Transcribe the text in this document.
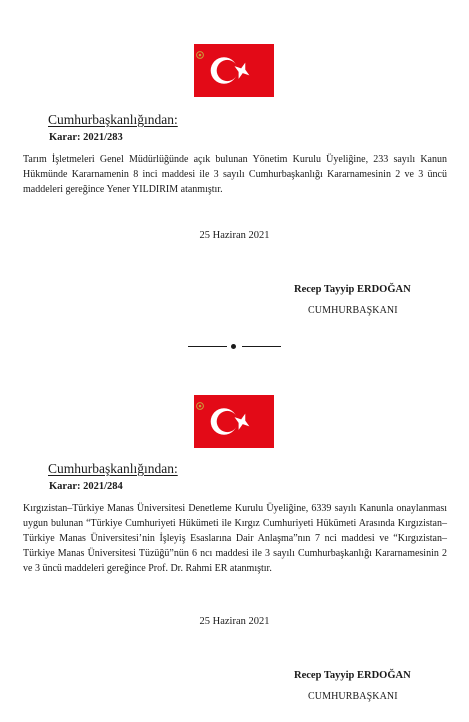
Cumhurbaşkanlığından:
Karar: 2021/283
Tarım İşletmeleri Genel Müdürlüğünde açık bulunan Yönetim Kurulu Üyeliğine, 233 sayılı Kanun Hükmünde Kararnamenin 8 inci maddesi ile 3 sayılı Cumhurbaşkanlığı Kararnamesinin 2 ve 3 üncü maddeleri gereğince Yener YILDIRIM atanmıştır.
25 Haziran 2021
Recep Tayyip ERDOĞAN
CUMHURBAŞKANI
Cumhurbaşkanlığından:
Karar: 2021/284
Kırgızistan–Türkiye Manas Üniversitesi Denetleme Kurulu Üyeliğine, 6339 sayılı Kanunla onaylanması uygun bulunan “Türkiye Cumhuriyeti Hükümeti ile Kırgız Cumhuriyeti Hükümeti Arasında Kırgızistan–Türkiye Manas Üniversitesi’nin İşleyiş Esaslarına Dair Anlaşma”nın 7 nci maddesi ve “Kırgızistan–Türkiye Manas Üniversitesi Tüzüğü”nün 6 ncı maddesi ile 3 sayılı Cumhurbaşkanlığı Kararnamesinin 2 ve 3 üncü maddeleri gereğince Prof. Dr. Rahmi ER atanmıştır.
25 Haziran 2021
Recep Tayyip ERDOĞAN
CUMHURBAŞKANI
